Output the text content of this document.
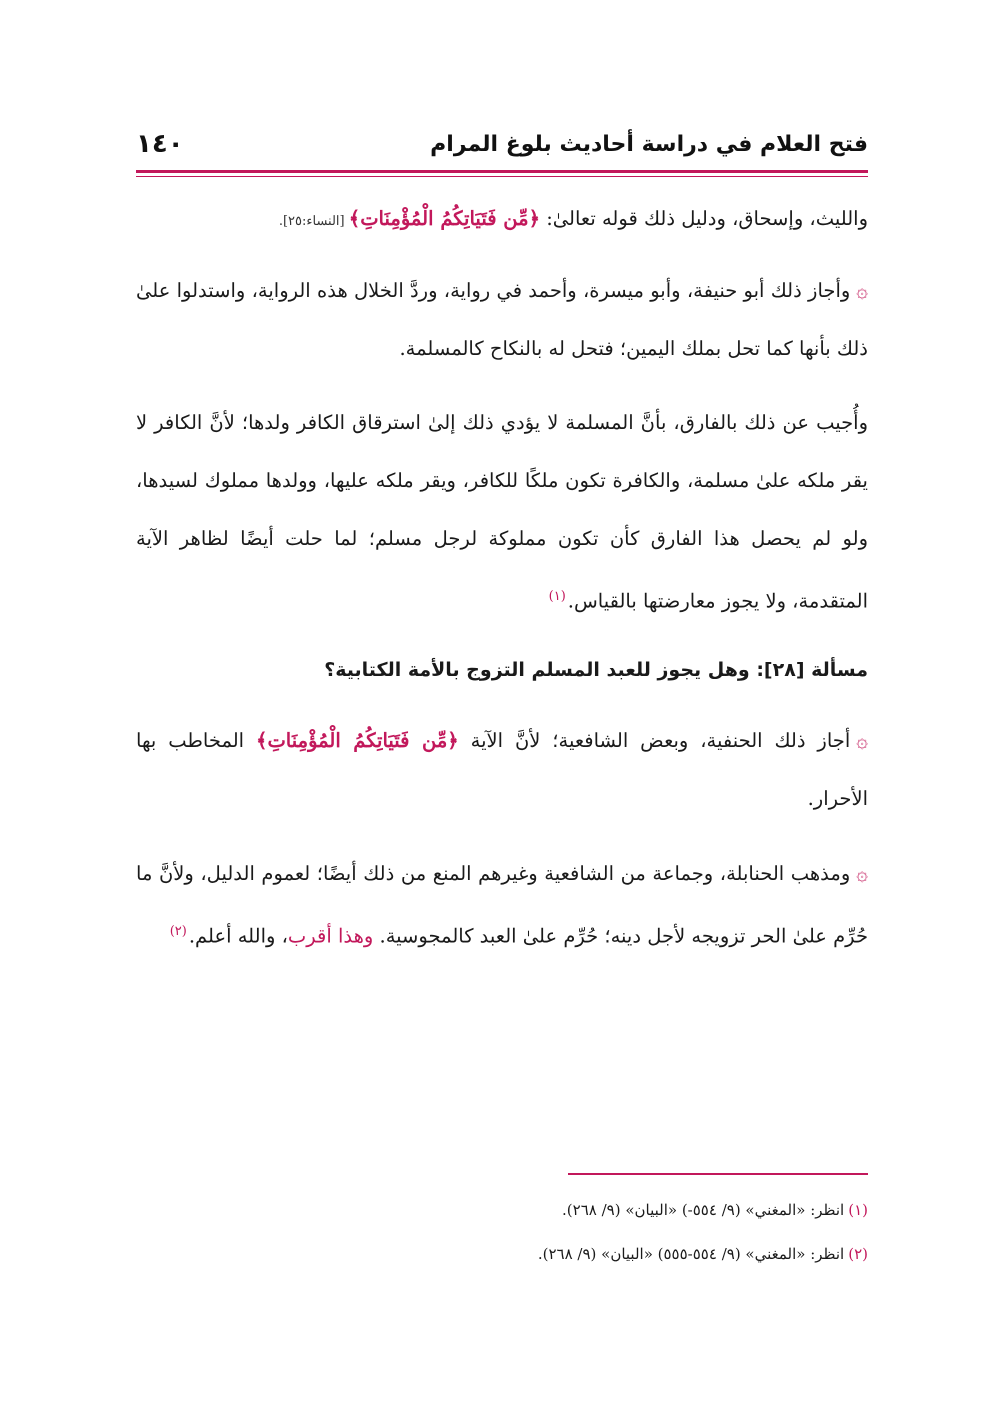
فتح العلام في دراسة أحاديث بلوغ المرام
١٤٠

والليث، وإسحاق، ودليل ذلك قوله تعالىٰ: ﴿مِّن فَتَيَاتِكُمُ الْمُؤْمِنَاتِ﴾ [النساء:٢٥].

۞وأجاز ذلك أبو حنيفة، وأبو ميسرة، وأحمد في رواية، وردَّ الخلال هذه الرواية، واستدلوا علىٰ ذلك بأنها كما تحل بملك اليمين؛ فتحل له بالنكاح كالمسلمة.

وأُجيب عن ذلك بالفارق، بأنَّ المسلمة لا يؤدي ذلك إلىٰ استرقاق الكافر ولدها؛ لأنَّ الكافر لا يقر ملكه علىٰ مسلمة، والكافرة تكون ملكًا للكافر، ويقر ملكه عليها، وولدها مملوك لسيدها، ولو لم يحصل هذا الفارق كأن تكون مملوكة لرجل مسلم؛ لما حلت أيضًا لظاهر الآية المتقدمة، ولا يجوز معارضتها بالقياس.$^{(١)}$

مسألة [٢٨]: وهل يجوز للعبد المسلم التزوج بالأمة الكتابية؟

۞أجاز ذلك الحنفية، وبعض الشافعية؛ لأنَّ الآية ﴿مِّن فَتَيَاتِكُمُ الْمُؤْمِنَاتِ﴾ المخاطب بها الأحرار.

۞ومذهب الحنابلة، وجماعة من الشافعية وغيرهم المنع من ذلك أيضًا؛ لعموم الدليل، ولأنَّ ما حُرِّم علىٰ الحر تزويجه لأجل دينه؛ حُرِّم علىٰ العبد كالمجوسية. وهذا أقرب، والله أعلم.$^{(٢)}$

(١)انظر: «المغني» (٩/ ٥٥٤-) «البيان» (٩/ ٢٦٨).

(٢)انظر: «المغني» (٩/ ٥٥٤-٥٥٥) «البيان» (٩/ ٢٦٨).
